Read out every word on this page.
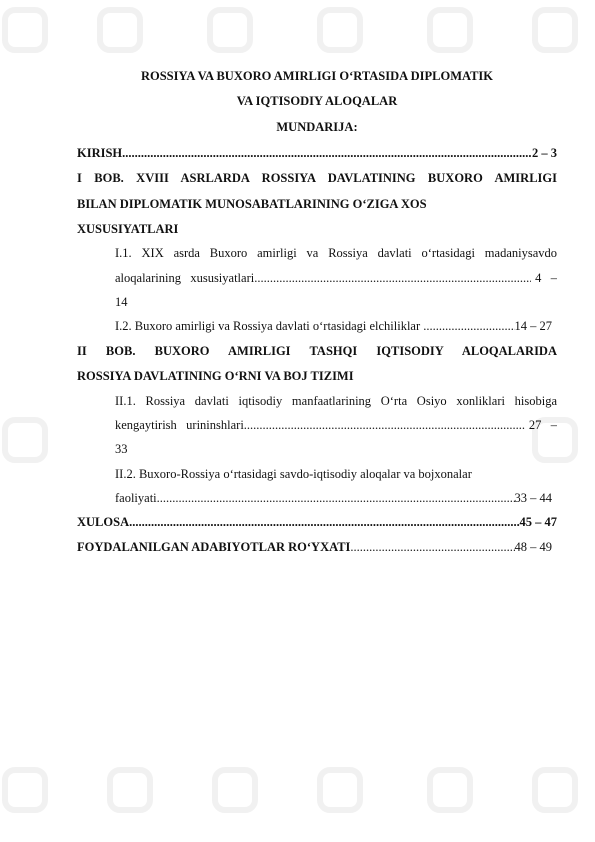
ROSSIYA VA BUXORO AMIRLIGI O‘RTASIDA DIPLOMATIK
VA IQTISODIY ALOQALAR
MUNDARIJA:
KIRISH .....	2 – 3
I BOB. XVIII ASRLARDA ROSSIYA DAVLATINING BUXORO AMIRLIGI
BILAN DIPLOMATIK MUNOSABATLARINING O‘ZIGA XOS
XUSUSIYATLARI
I.1. XIX asrda Buxoro amirligi va Rossiya davlati o‘rtasidagi madaniysavdo
aloqalarining   xususiyatlari .....	4   –
14
I.2. Buxoro amirligi va Rossiya davlati o‘rtasidagi elchiliklar .....	14 – 27
II   BOB.   BUXORO   AMIRLIGI   TASHQI   IQTISODIY   ALOQALARIDA
ROSSIYA DAVLATINING O‘RNI VA BOJ TIZIMI
II.1. Rossiya davlati iqtisodiy manfaatlarining O‘rta Osiyo xonliklari hisobiga
kengaytirish   urininshlari .....	27   –
33
II.2. Buxoro-Rossiya o‘rtasidagi savdo-iqtisodiy aloqalar va bojxonalar
faoliyati .....	33 – 44
XULOSA .....	45 – 47
FOYDALANILGAN ADABIYOTLAR RO‘YXATI .....	48 – 49
